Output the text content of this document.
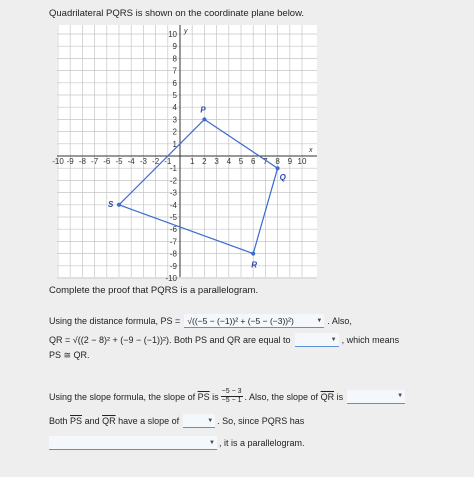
Quadrilateral PQRS is shown on the coordinate plane below.
x
y
-10 -9 -8 -7 -6 -5 -4 -3 -2 -1 1 2 3 4 5 6 7 8 9 10
10
9
8
7
6
5
4
3
2
1
-1
-2
-3
-4
-5
-6
-7
-8
-9
-10
P
Q
R
S
Complete the proof that PQRS is a parallelogram.
Using the distance formula, PS = √((−5 − (−1))² + (−5 − (−3))²)	▼ . Also,
QR = √((2 − 8)² + (−9 − (−1))²) . Both PS and QR are equal to	▼ , which means
PS ≅ QR.
Using the slope formula, the slope of
$\overline{PS}$
is $\frac{-5 - 3}{-5 - 1}$ . Also, the slope of
$\overline{QR}$
is	▼
Both
$\overline{PS}$
and
$\overline{QR}$
have a slope of	▼ . So, since PQRS has
▼ , it is a parallelogram.
